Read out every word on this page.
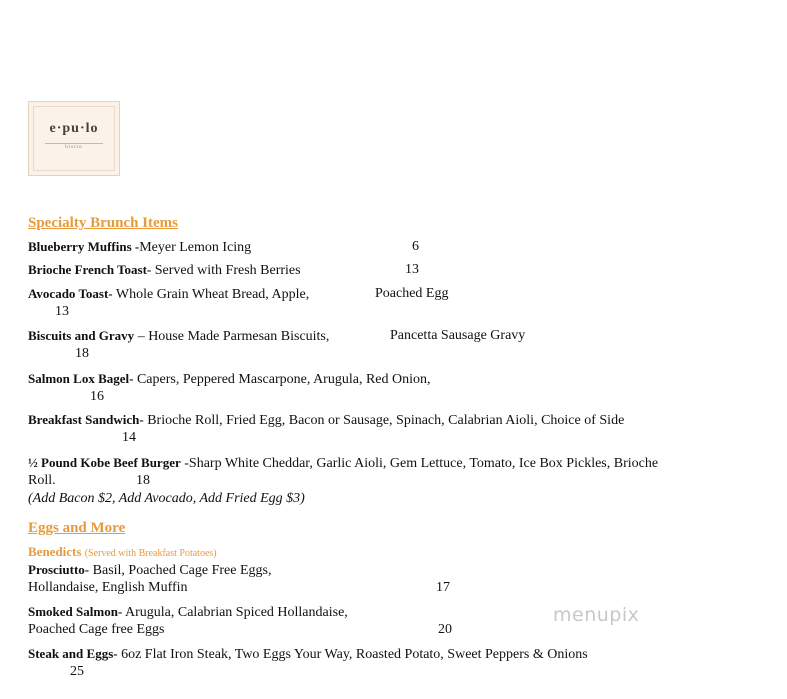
e·pu·lo
bistro
Specialty Brunch Items
Blueberry Muffins -Meyer Lemon Icing	6
Brioche French Toast- Served with Fresh Berries	13
Avocado Toast- Whole Grain Wheat Bread, Apple,	Poached Egg
13
Biscuits and Gravy – House Made Parmesan Biscuits,	Pancetta Sausage Gravy
18
Salmon Lox Bagel- Capers, Peppered Mascarpone, Arugula, Red Onion,
16
Breakfast Sandwich- Brioche Roll, Fried Egg, Bacon or Sausage, Spinach, Calabrian Aioli, Choice of Side
14
½ Pound Kobe Beef Burger -Sharp White Cheddar, Garlic Aioli, Gem Lettuce, Tomato, Ice Box Pickles, Brioche
Roll.	18
(Add Bacon $2, Add Avocado, Add Fried Egg $3)
Eggs and More
Benedicts (Served with Breakfast Potatoes)
Prosciutto- Basil, Poached Cage Free Eggs,
Hollandaise, English Muffin	17
Smoked Salmon- Arugula, Calabrian Spiced Hollandaise,
Poached Cage free Eggs	20
Steak and Eggs- 6oz Flat Iron Steak, Two Eggs Your Way, Roasted Potato, Sweet Peppers & Onions
25
menupix
